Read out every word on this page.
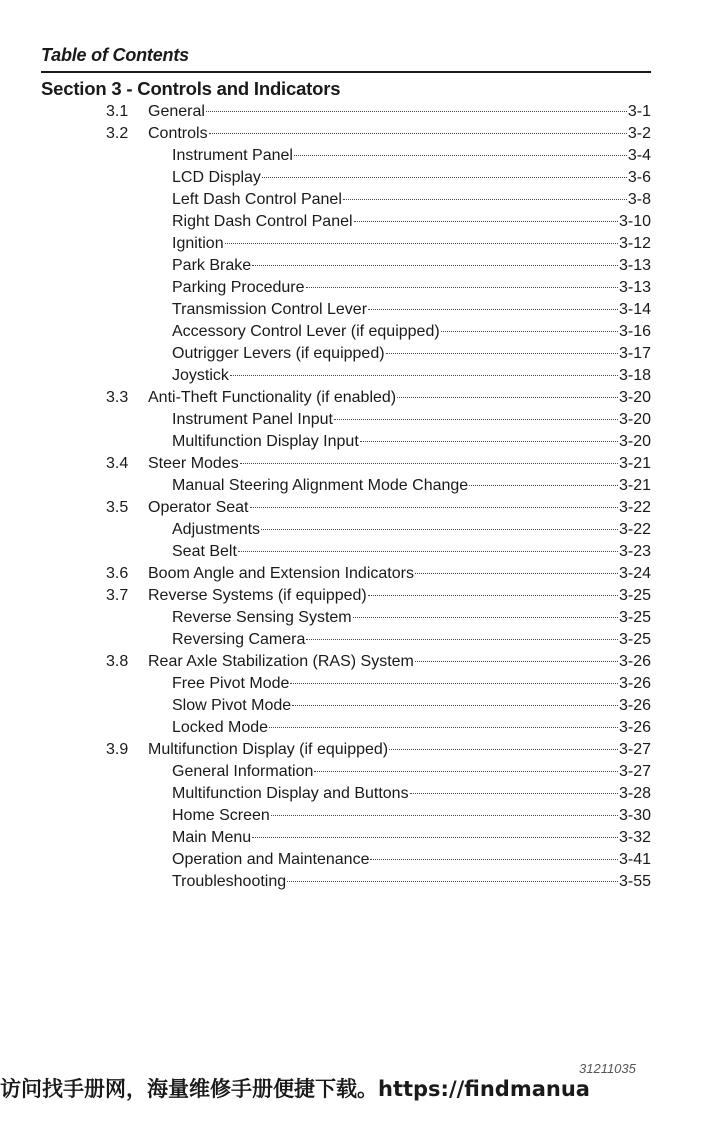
Table of Contents
Section 3 - Controls and Indicators
3.1 General	3-1
3.2 Controls	3-2
Instrument Panel	3-4
LCD Display	3-6
Left Dash Control Panel	3-8
Right Dash Control Panel	3-10
Ignition	3-12
Park Brake	3-13
Parking Procedure	3-13
Transmission Control Lever	3-14
Accessory Control Lever (if equipped)	3-16
Outrigger Levers (if equipped)	3-17
Joystick	3-18
3.3 Anti-Theft Functionality (if enabled)	3-20
Instrument Panel Input	3-20
Multifunction Display Input	3-20
3.4 Steer Modes	3-21
Manual Steering Alignment Mode Change	3-21
3.5 Operator Seat	3-22
Adjustments	3-22
Seat Belt	3-23
3.6 Boom Angle and Extension Indicators	3-24
3.7 Reverse Systems (if equipped)	3-25
Reverse Sensing System	3-25
Reversing Camera	3-25
3.8 Rear Axle Stabilization (RAS) System	3-26
Free Pivot Mode	3-26
Slow Pivot Mode	3-26
Locked Mode	3-26
3.9 Multifunction Display (if equipped)	3-27
General Information	3-27
Multifunction Display and Buttons	3-28
Home Screen	3-30
Main Menu	3-32
Operation and Maintenance	3-41
Troubleshooting	3-55
31211035
访问找手册网，海量维修手册便捷下载。https://findmanua
